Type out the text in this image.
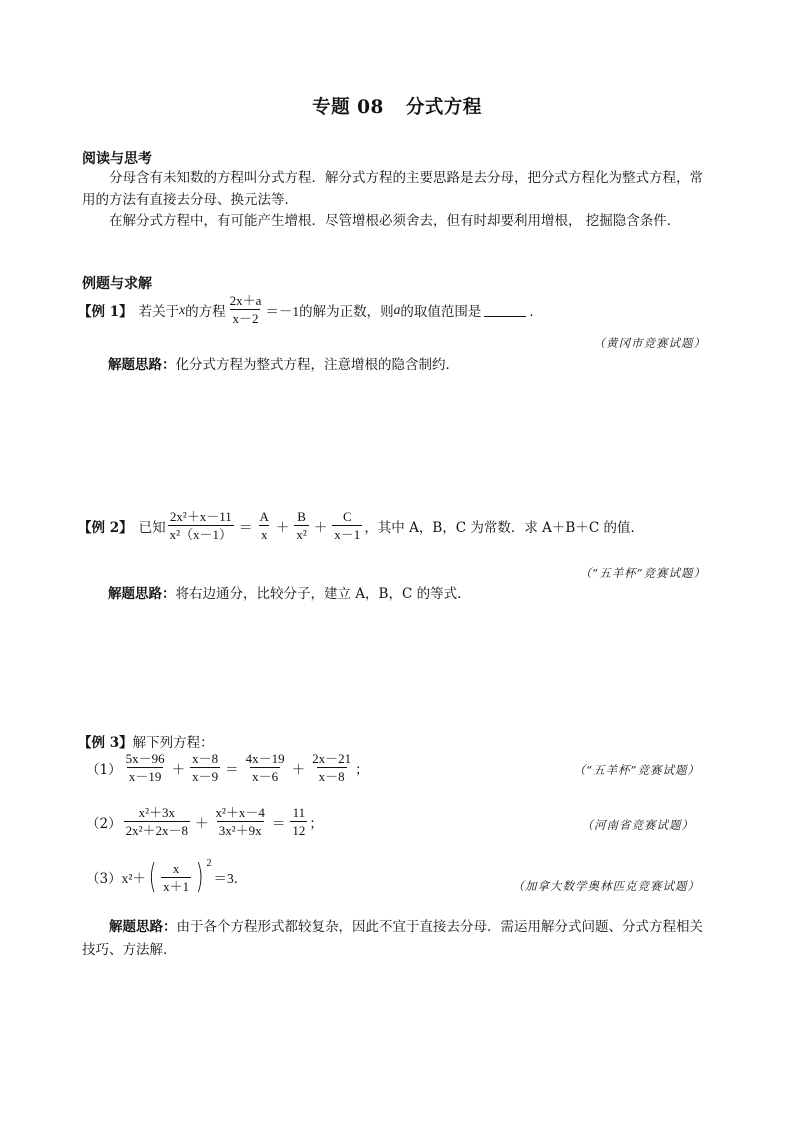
专题 08 分式方程
阅读与思考
分母含有未知数的方程叫分式方程．解分式方程的主要思路是去分母，把分式方程化为整式方程，常用的方法有直接去分母、换元法等．
在解分式方程中，有可能产生增根．尽管增根必须舍去，但有时却要利用增根， 挖掘隐含条件．
例题与求解
【例 1】 若关于 x 的方程 $\frac{2x+a}{x-2} =-1$ 的解为正数，则 a 的取值范围是	．
（黄冈市竞赛试题）
解题思路：化分式方程为整式方程，注意增根的隐含制约．
【例 2】 已知 $\frac{\text{2x²＋x－11}}{\text{x²（x－1）}} = \frac{A}{x} + \frac{B}{\text{x²}} + \frac{C}{x-1}$ ，其中 A，B，C 为常数．求 A＋B＋C 的值．
（“五羊杯”竞赛试题）
解题思路：将右边通分，比较分子，建立 A，B，C 的等式．
【例 3】 解下列方程：
$(1) \frac{5x-96}{x-19} + \frac{x-8}{x-9} = \frac{4x-19}{x-6} + \frac{2x-21}{x-8}$ ；	（“五羊杯”竞赛试题）
$(2) \frac{\text{x²＋3x}}{\text{2x²＋2x－8}} + \frac{\text{x²＋x－4}}{\text{3x²＋9x}} = \frac{11}{12}$ ；	（河南省竞赛试题）
（3） x²＋ ( $\frac{x}{x+1}$ ) 2
＝3．	（加拿大数学奥林匹克竞赛试题）
解题思路：由于各个方程形式都较复杂，因此不宜于直接去分母．需运用解分式问题、分式方程相关技巧、方法解．
